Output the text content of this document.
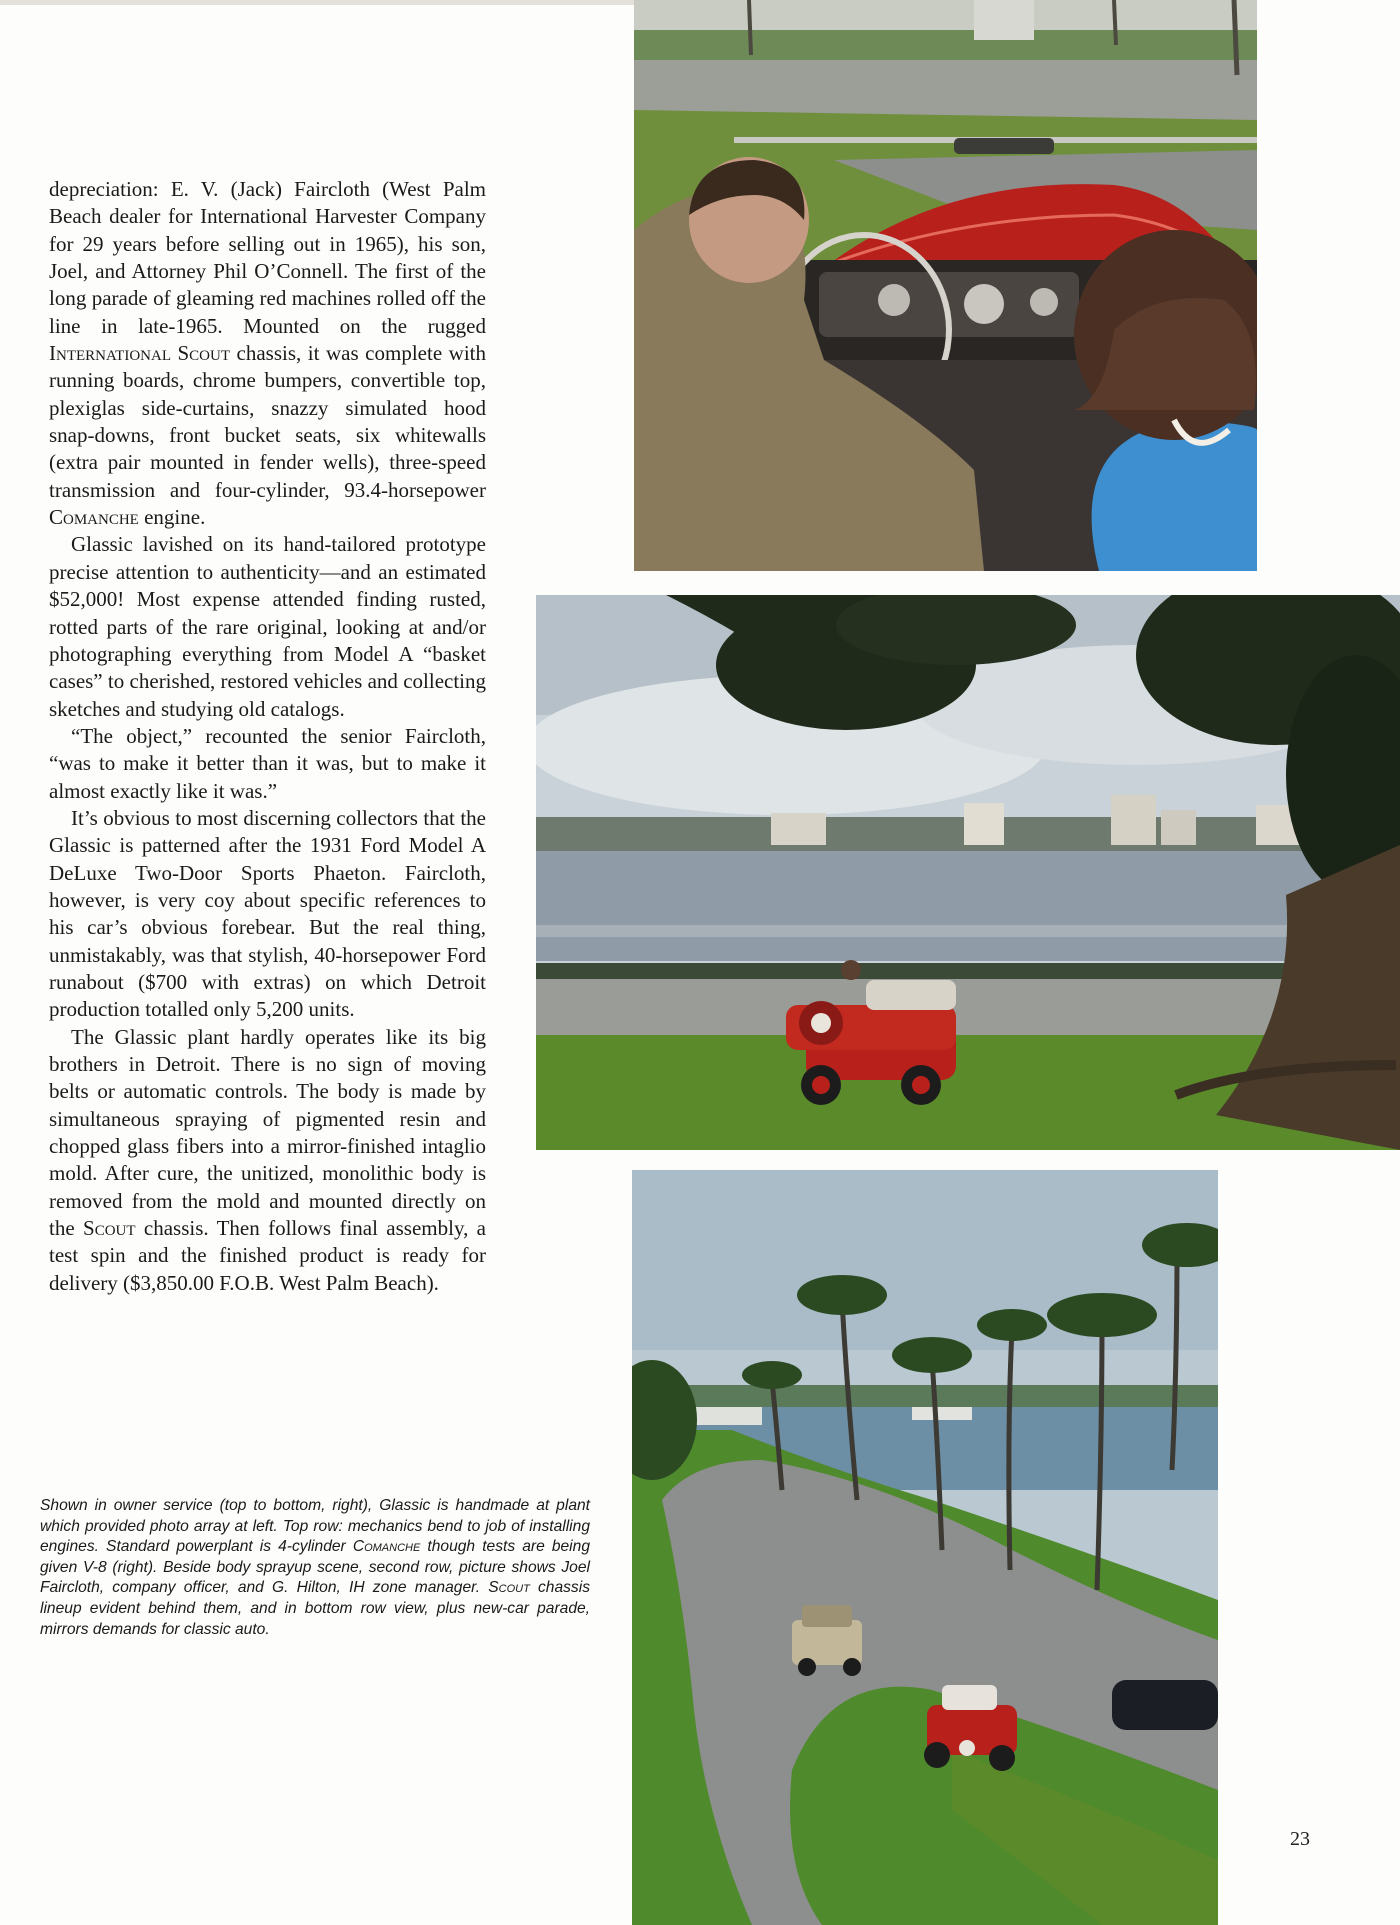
depreciation: E. V. (Jack) Faircloth (West Palm Beach dealer for International Harvester Company for 29 years before selling out in 1965), his son, Joel, and Attorney Phil O’Connell. The first of the long parade of gleaming red machines rolled off the line in late-1965. Mounted on the rugged International Scout chassis, it was complete with running boards, chrome bumpers, convertible top, plexiglas side-curtains, snazzy simulated hood snap-downs, front bucket seats, six whitewalls (extra pair mounted in fender wells), three-speed transmission and four-cylinder, 93.4-horsepower Comanche engine.

Glassic lavished on its hand-tailored prototype precise attention to authenticity—and an estimated $52,000! Most expense attended finding rusted, rotted parts of the rare original, looking at and/or photographing everything from Model A “basket cases” to cherished, restored vehicles and collecting sketches and studying old catalogs.

“The object,” recounted the senior Faircloth, “was to make it better than it was, but to make it almost exactly like it was.”

It’s obvious to most discerning collectors that the Glassic is patterned after the 1931 Ford Model A DeLuxe Two-Door Sports Phaeton. Faircloth, however, is very coy about specific references to his car’s obvious forebear. But the real thing, unmistakably, was that stylish, 40-horsepower Ford runabout ($700 with extras) on which Detroit production totalled only 5,200 units.

The Glassic plant hardly operates like its big brothers in Detroit. There is no sign of moving belts or automatic controls. The body is made by simultaneous spraying of pigmented resin and chopped glass fibers into a mirror-finished intaglio mold. After cure, the unitized, monolithic body is removed from the mold and mounted directly on the Scout chassis. Then follows final assembly, a test spin and the finished product is ready for delivery ($3,850.00 F.O.B. West Palm Beach).

Shown in owner service (top to bottom, right), Glassic is handmade at plant which provided photo array at left. Top row: mechanics bend to job of installing engines. Standard powerplant is 4-cylinder Comanche though tests are being given V-8 (right). Beside body sprayup scene, second row, picture shows Joel Faircloth, company officer, and G. Hilton, IH zone manager. Scout chassis lineup evident behind them, and in bottom row view, plus new-car parade, mirrors demands for classic auto.
23
